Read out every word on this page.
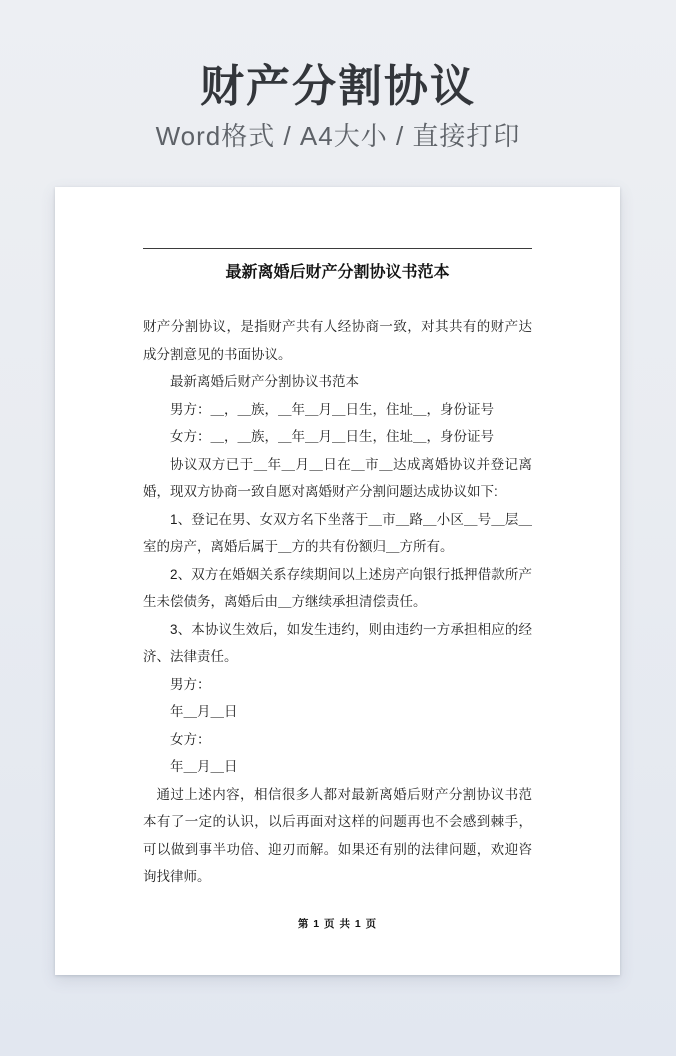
财产分割协议
Word格式 / A4大小 / 直接打印
最新离婚后财产分割协议书范本

财产分割协议，是指财产共有人经协商一致，对其共有的财产达成分割意见的书面协议。

最新离婚后财产分割协议书范本

男方：＿，＿族，＿年＿月＿日生，住址＿，身份证号

女方：＿，＿族，＿年＿月＿日生，住址＿，身份证号

协议双方已于＿年＿月＿日在＿市＿达成离婚协议并登记离婚，现双方协商一致自愿对离婚财产分割问题达成协议如下:

1、登记在男、女双方名下坐落于＿市＿路＿小区＿号＿层＿室的房产，离婚后属于＿方的共有份额归＿方所有。

2、双方在婚姻关系存续期间以上述房产向银行抵押借款所产生未偿债务，离婚后由＿方继续承担清偿责任。

3、本协议生效后，如发生违约，则由违约一方承担相应的经济、法律责任。

男方：

年＿月＿日

女方：

年＿月＿日

通过上述内容，相信很多人都对最新离婚后财产分割协议书范本有了一定的认识，以后再面对这样的问题再也不会感到棘手，可以做到事半功倍、迎刃而解。如果还有别的法律问题，欢迎咨询找律师。

第 1 页 共 1 页
